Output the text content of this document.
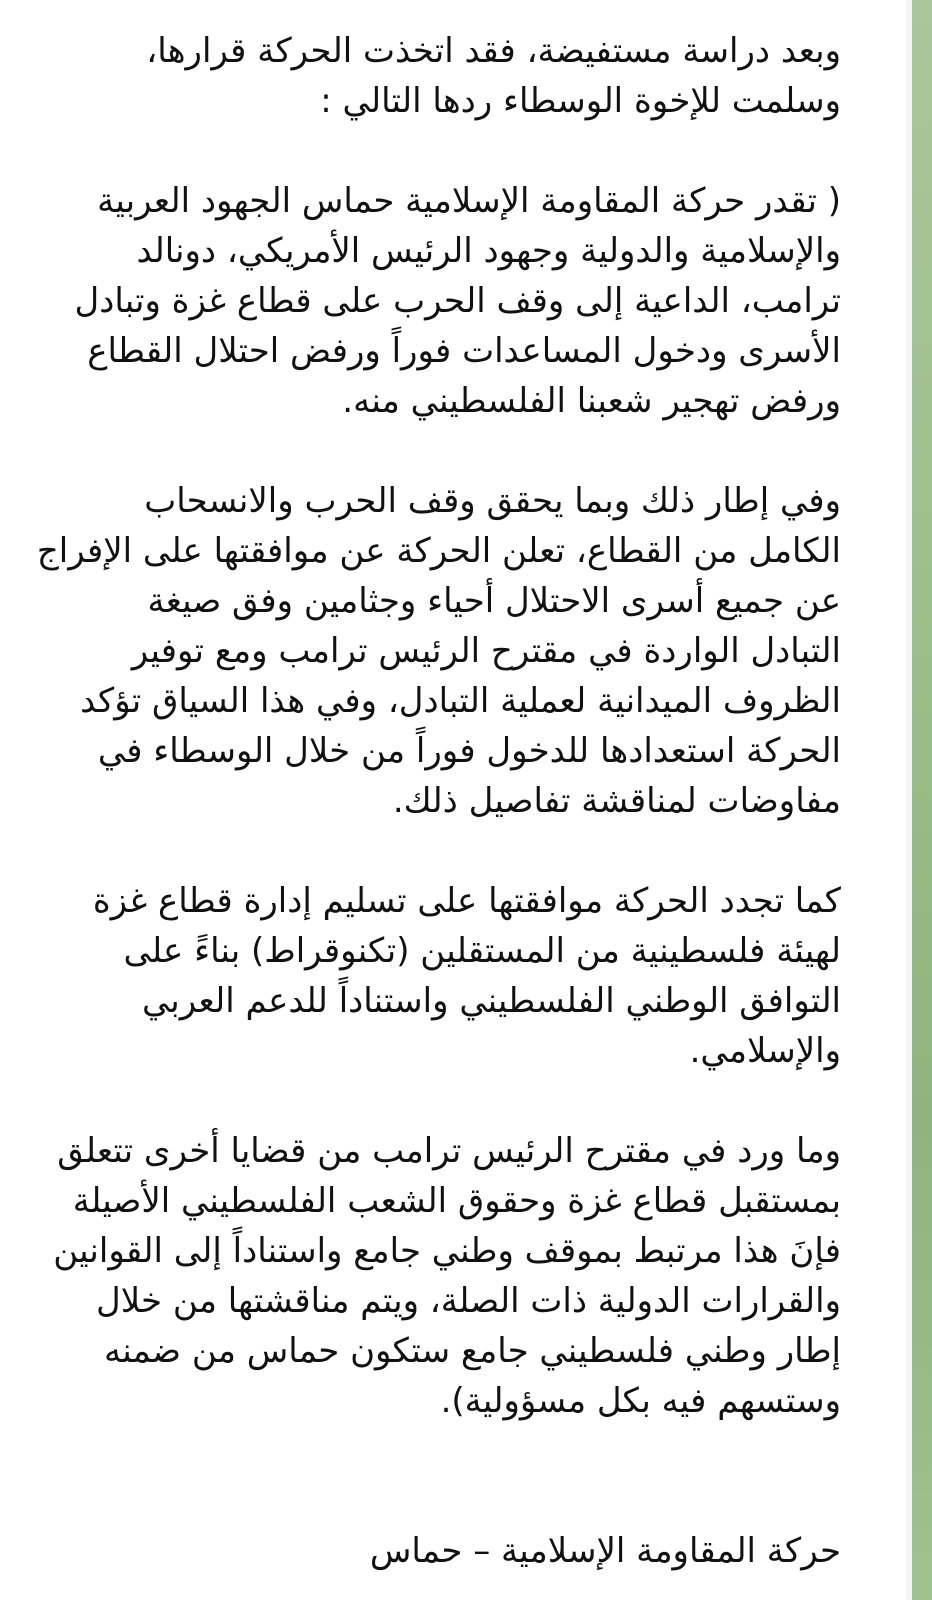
وبعد دراسة مستفيضة، فقد اتخذت الحركة قرارها،
وسلمت للإخوة الوسطاء ردها التالي :
( تقدر حركة المقاومة الإسلامية حماس الجهود العربية
والإسلامية والدولية وجهود الرئيس الأمريكي، دونالد
ترامب، الداعية إلى وقف الحرب على قطاع غزة وتبادل
الأسرى ودخول المساعدات فوراً ورفض احتلال القطاع
ورفض تهجير شعبنا الفلسطيني منه.
وفي إطار ذلك وبما يحقق وقف الحرب والانسحاب
الكامل من القطاع، تعلن الحركة عن موافقتها على الإفراج
عن جميع أسرى الاحتلال أحياء وجثامين وفق صيغة
التبادل الواردة في مقترح الرئيس ترامب ومع توفير
الظروف الميدانية لعملية التبادل، وفي هذا السياق تؤكد
الحركة استعدادها للدخول فوراً من خلال الوسطاء في
مفاوضات لمناقشة تفاصيل ذلك.
كما تجدد الحركة موافقتها على تسليم إدارة قطاع غزة
لهيئة فلسطينية من المستقلين (تكنوقراط) بناءً على
التوافق الوطني الفلسطيني واستناداً للدعم العربي
والإسلامي.
وما ورد في مقترح الرئيس ترامب من قضايا أخرى تتعلق
بمستقبل قطاع غزة وحقوق الشعب الفلسطيني الأصيلة
فإنَ هذا مرتبط بموقف وطني جامع واستناداً إلى القوانين
والقرارات الدولية ذات الصلة، ويتم مناقشتها من خلال
إطار وطني فلسطيني جامع ستكون حماس من ضمنه
وستسهم فيه بكل مسؤولية).
حركة المقاومة الإسلامية – حماس
